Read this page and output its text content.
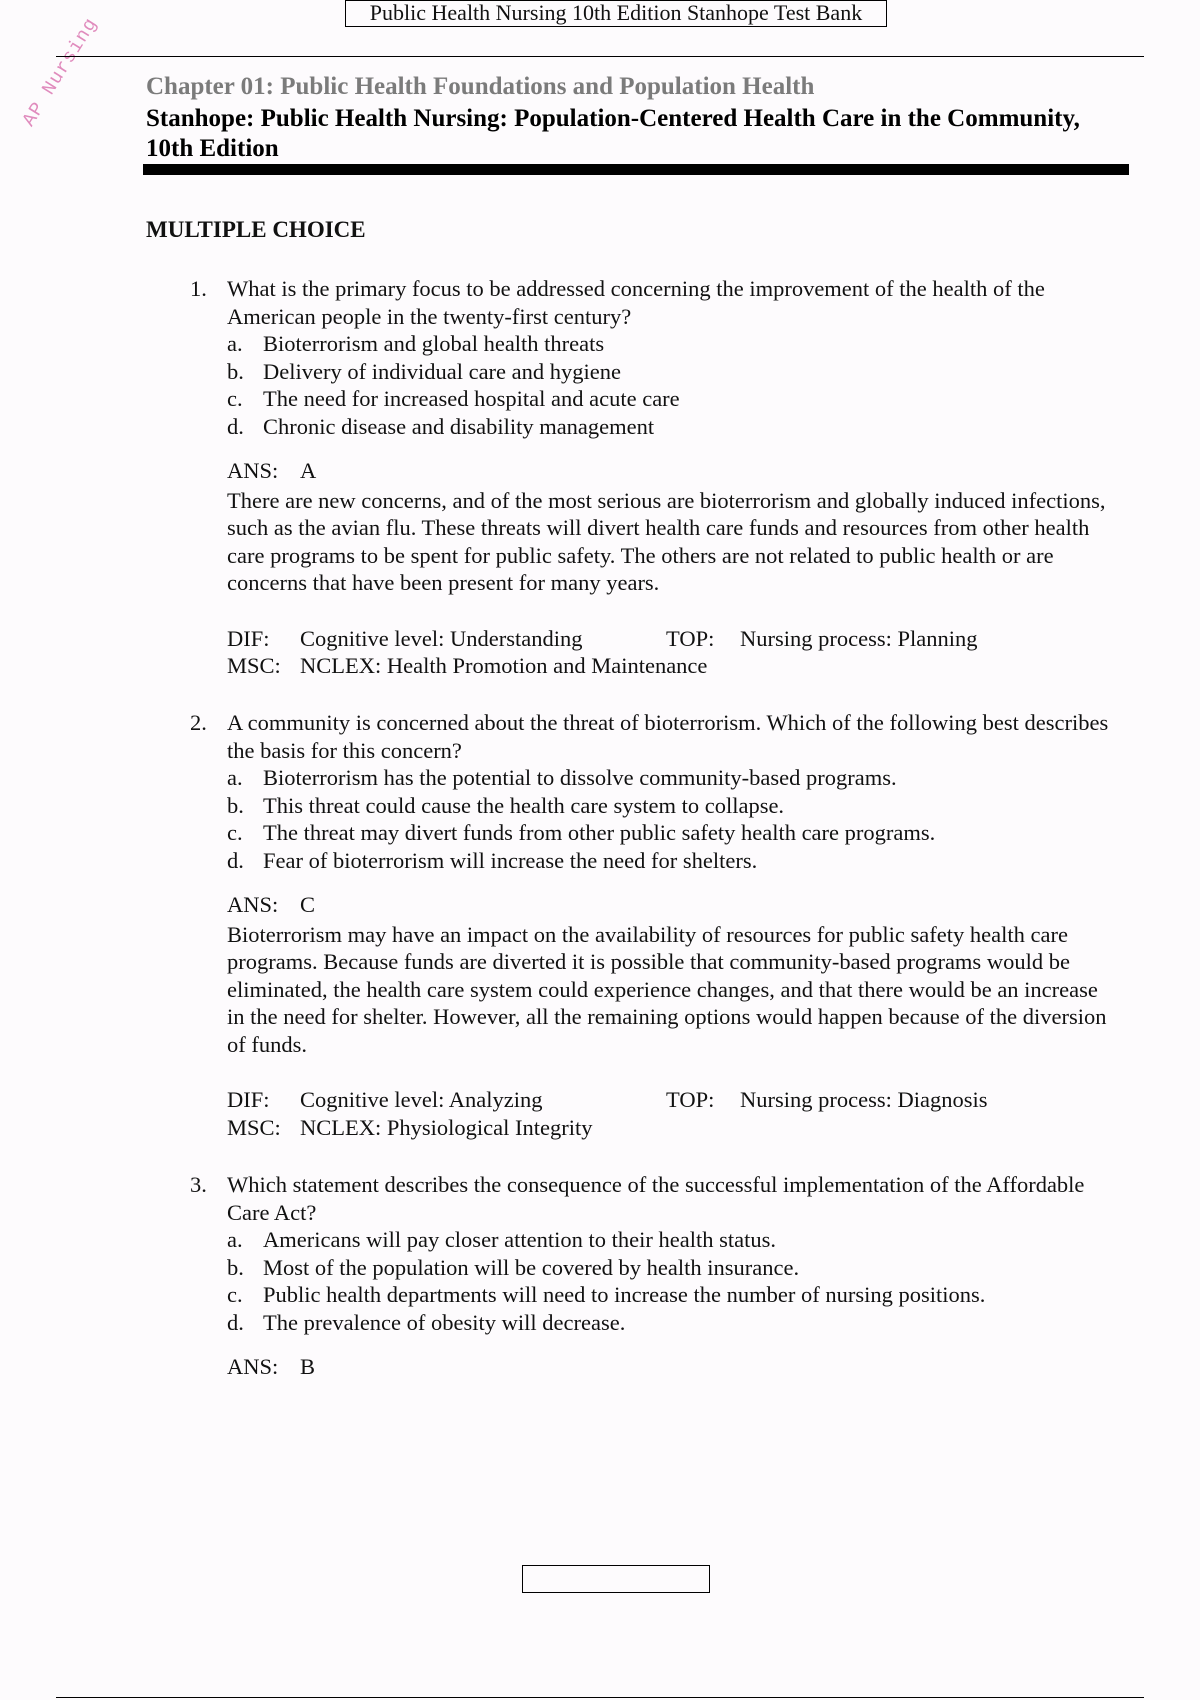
AP Nursing
Public Health Nursing 10th Edition Stanhope Test Bank
Chapter 01: Public Health Foundations and Population Health
Stanhope: Public Health Nursing: Population-Centered Health Care in the Community, 10th Edition
MULTIPLE CHOICE
1. What is the primary focus to be addressed concerning the improvement of the health of the American people in the twenty-first century?
a. Bioterrorism and global health threats
b. Delivery of individual care and hygiene
c. The need for increased hospital and acute care
d. Chronic disease and disability management
ANS: A
There are new concerns, and of the most serious are bioterrorism and globally induced infections, such as the avian flu. These threats will divert health care funds and resources from other health care programs to be spent for public safety. The others are not related to public health or are concerns that have been present for many years.
DIF:	Cognitive level: Understanding	TOP:	Nursing process: Planning
MSC: NCLEX: Health Promotion and Maintenance
2. A community is concerned about the threat of bioterrorism. Which of the following best describes the basis for this concern?
a. Bioterrorism has the potential to dissolve community-based programs.
b. This threat could cause the health care system to collapse.
c. The threat may divert funds from other public safety health care programs.
d. Fear of bioterrorism will increase the need for shelters.
ANS: C
Bioterrorism may have an impact on the availability of resources for public safety health care programs. Because funds are diverted it is possible that community-based programs would be eliminated, the health care system could experience changes, and that there would be an increase in the need for shelter. However, all the remaining options would happen because of the diversion of funds.
DIF:	Cognitive level: Analyzing	TOP:	Nursing process: Diagnosis
MSC: NCLEX: Physiological Integrity
3. Which statement describes the consequence of the successful implementation of the Affordable Care Act?
a. Americans will pay closer attention to their health status.
b. Most of the population will be covered by health insurance.
c. Public health departments will need to increase the number of nursing positions.
d. The prevalence of obesity will decrease.
ANS: B
